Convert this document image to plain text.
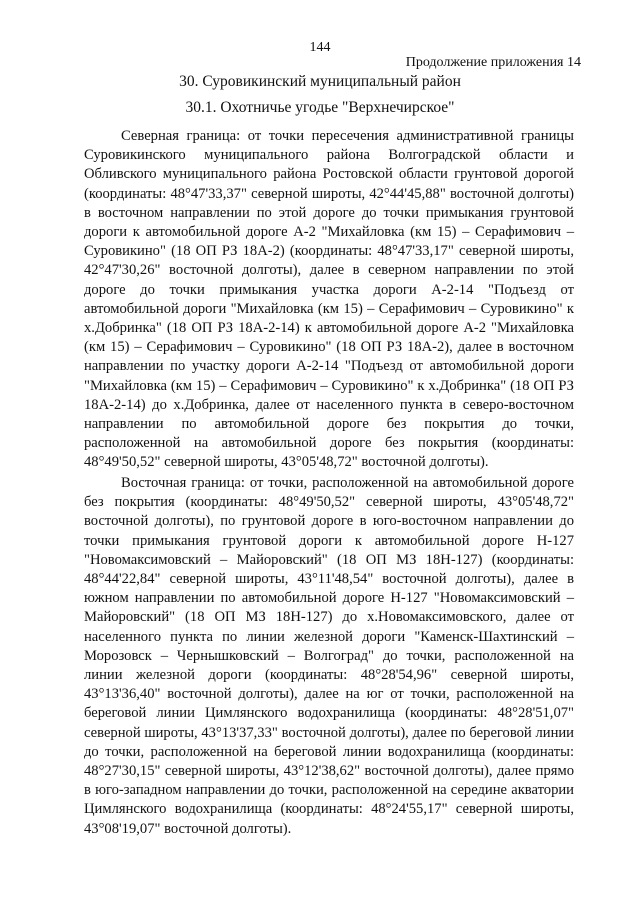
144
Продолжение приложения 14
30. Суровикинский муниципальный район
30.1. Охотничье угодье "Верхнечирское"

Северная граница: от точки пересечения административной границы Суровикинского муниципального района Волгоградской области и Обливского муниципального района Ростовской области грунтовой дорогой (координаты: 48°47'33,37" северной широты, 42°44'45,88" восточной долготы) в восточном направлении по этой дороге до точки примыкания грунтовой дороги к автомобильной дороге А-2 "Михайловка (км 15) – Серафимович – Суровикино" (18 ОП РЗ 18А-2) (координаты: 48°47'33,17" северной широты, 42°47'30,26" восточной долготы), далее в северном направлении по этой дороге до точки примыкания участка дороги А-2-14 "Подъезд от автомобильной дороги "Михайловка (км 15) – Серафимович – Суровикино" к х.Добринка" (18 ОП РЗ 18А-2-14) к автомобильной дороге А-2 "Михайловка (км 15) – Серафимович – Суровикино" (18 ОП РЗ 18А-2), далее в восточном направлении по участку дороги А-2-14 "Подъезд от автомобильной дороги "Михайловка (км 15) – Серафимович – Суровикино" к х.Добринка" (18 ОП РЗ 18А-2-14) до х.Добринка, далее от населенного пункта в северо-восточном направлении по автомобильной дороге без покрытия до точки, расположенной на автомобильной дороге без покрытия (координаты: 48°49'50,52" северной широты, 43°05'48,72" восточной долготы).

Восточная граница: от точки, расположенной на автомобильной дороге без покрытия (координаты: 48°49'50,52" северной широты, 43°05'48,72" восточной долготы), по грунтовой дороге в юго-восточном направлении до точки примыкания грунтовой дороги к автомобильной дороге Н-127 "Новомаксимовский – Майоровский" (18 ОП МЗ 18Н-127) (координаты: 48°44'22,84" северной широты, 43°11'48,54" восточной долготы), далее в южном направлении по автомобильной дороге Н-127 "Новомаксимовский – Майоровский" (18 ОП МЗ 18Н-127) до х.Новомаксимовского, далее от населенного пункта по линии железной дороги "Каменск-Шахтинский – Морозовск – Чернышковский – Волгоград" до точки, расположенной на линии железной дороги (координаты: 48°28'54,96" северной широты, 43°13'36,40" восточной долготы), далее на юг от точки, расположенной на береговой линии Цимлянского водохранилища (координаты: 48°28'51,07" северной широты, 43°13'37,33" восточной долготы), далее по береговой линии до точки, расположенной на береговой линии водохранилища (координаты: 48°27'30,15" северной широты, 43°12'38,62" восточной долготы), далее прямо в юго-западном направлении до точки, расположенной на середине акватории Цимлянского водохранилища (координаты: 48°24'55,17" северной широты, 43°08'19,07" восточной долготы).
